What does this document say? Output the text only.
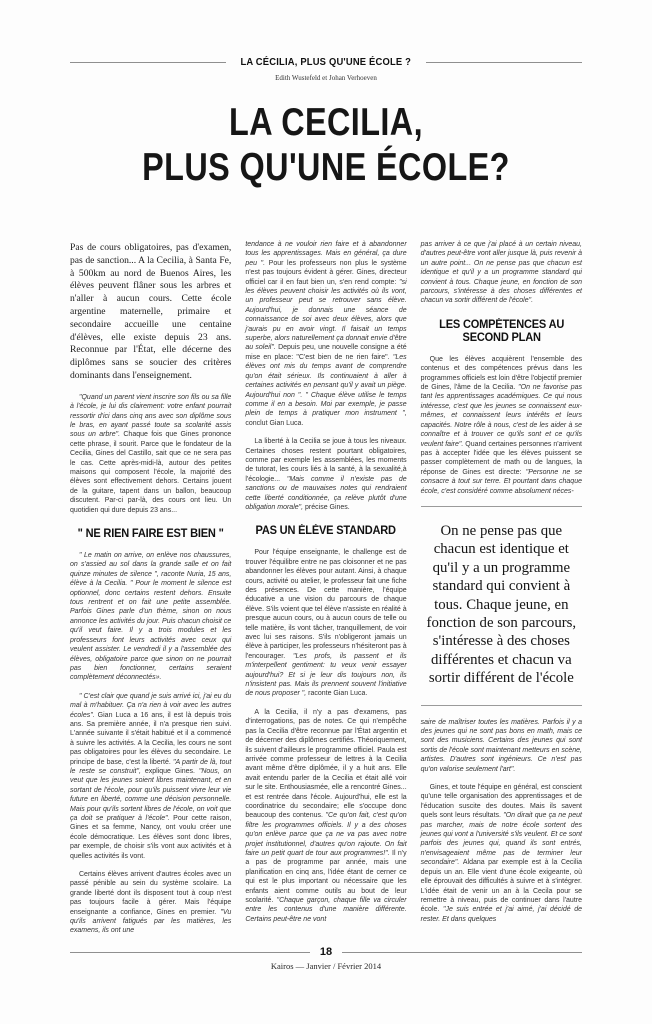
LA CÉCILIA, PLUS QU'UNE ÉCOLE ?
Edith Wustefeld et Johan Verhoeven
LA CECILIA,
PLUS QU'UNE ÉCOLE?

Pas de cours obligatoires, pas d'examen, pas de sanction... A la Cecilia, à Santa Fe, à 500km au nord de Buenos Aires, les élèves peuvent flâner sous les arbres et n'aller à aucun cours. Cette école argentine maternelle, primaire et secondaire accueille une centaine d'élèves, elle existe depuis 23 ans. Reconnue par l'État, elle décerne des diplômes sans se soucier des critères dominants dans l'enseignement.

"Quand un parent vient inscrire son fils ou sa fille à l'école, je lui dis clairement: votre enfant pourrait ressortir d'ici dans cinq ans avec son diplôme sous le bras, en ayant passé toute sa scolarité assis sous un arbre". Chaque fois que Gines prononce cette phrase, il sourit. Parce que le fondateur de la Cecilia, Gines del Castillo, sait que ce ne sera pas le cas. Cette après-midi-là, autour des petites maisons qui composent l'école, la majorité des élèves sont effectivement dehors. Certains jouent de la guitare, tapent dans un ballon, beaucoup discutent. Par-ci par-là, des cours ont lieu. Un quotidien qui dure depuis 23 ans...

" NE RIEN FAIRE EST BIEN "

" Le matin on arrive, on enlève nos chaussures, on s'assied au sol dans la grande salle et on fait quinze minutes de silence ", raconte Nuria, 15 ans, élève à la Cecilia. " Pour le moment le silence est optionnel, donc certains restent dehors. Ensuite tous rentrent et on fait une petite assemblée. Parfois Gines parle d'un thème, sinon on nous annonce les activités du jour. Puis chacun choisit ce qu'il veut faire. Il y a trois modules et les professeurs font leurs activités avec ceux qui veulent assister. Le vendredi il y a l'assemblée des élèves, obligatoire parce que sinon on ne pourrait pas bien fonctionner, certains seraient complètement déconnectés».

" C'est clair que quand je suis arrivé ici, j'ai eu du mal à m'habituer. Ça n'a rien à voir avec les autres écoles". Gian Luca a 16 ans, il est là depuis trois ans. Sa première année, il n'a presque rien suivi. L'année suivante il s'était habitué et il a commencé à suivre les activités. A la Cecilia, les cours ne sont pas obligatoires pour les élèves du secondaire. Le principe de base, c'est la liberté. "A partir de là, tout le reste se construit", explique Gines. "Nous, on veut que les jeunes soient libres maintenant, et en sortant de l'école, pour qu'ils puissent vivre leur vie future en liberté, comme une décision personnelle. Mais pour qu'ils sortent libres de l'école, on voit que ça doit se pratiquer à l'école". Pour cette raison, Gines et sa femme, Nancy, ont voulu créer une école démocratique. Les élèves sont donc libres, par exemple, de choisir s'ils vont aux activités et à quelles activités ils vont.

Certains élèves arrivent d'autres écoles avec un passé pénible au sein du système scolaire. La grande liberté dont ils disposent tout à coup n'est pas toujours facile à gérer. Mais l'équipe enseignante a confiance, Gines en premier. "Vu qu'ils arrivent fatigués par les matières, les examens, ils ont une

tendance à ne vouloir rien faire et à abandonner tous les apprentissages. Mais en général, ça dure peu ". Pour les professeurs non plus le système n'est pas toujours évident à gérer. Gines, directeur officiel car il en faut bien un, s'en rend compte: "si les élèves peuvent choisir les activités où ils vont, un professeur peut se retrouver sans élève. Aujourd'hui, je donnais une séance de connaissance de soi avec deux élèves, alors que j'aurais pu en avoir vingt. Il faisait un temps superbe, alors naturellement ça donnait envie d'être au soleil". Depuis peu, une nouvelle consigne a été mise en place: "C'est bien de ne rien faire". "Les élèves ont mis du temps avant de comprendre qu'on était sérieux. Ils continuaient à aller à certaines activités en pensant qu'il y avait un piège. Aujourd'hui non ". " Chaque élève utilise le temps comme il en a besoin. Moi par exemple, je passe plein de temps à pratiquer mon instrument ", conclut Gian Luca.

La liberté à la Cecilia se joue à tous les niveaux. Certaines choses restent pourtant obligatoires, comme par exemple les assemblées, les moments de tutorat, les cours liés à la santé, à la sexualité,à l'écologie... "Mais comme il n'existe pas de sanctions ou de mauvaises notes qui rendraient cette liberté conditionnée, ça relève plutôt d'une obligation morale", précise Gines.

PAS UN ÉLÈVE STANDARD

Pour l'équipe enseignante, le challenge est de trouver l'équilibre entre ne pas cloisonner et ne pas abandonner les élèves pour autant. Ainsi, à chaque cours, activité ou atelier, le professeur fait une fiche des présences. De cette manière, l'équipe éducative a une vision du parcours de chaque élève. S'ils voient que tel élève n'assiste en réalité à presque aucun cours, ou à aucun cours de telle ou telle matière, ils vont tâcher, tranquillement, de voir avec lui ses raisons. S'ils n'obligeront jamais un élève à participer, les professeurs n'hésiteront pas à l'encourager. "Les profs, ils passent et ils m'interpellent gentiment: tu veux venir essayer aujourd'hui? Et si je leur dis toujours non, ils n'insistent pas. Mais ils prennent souvent l'initiative de nous proposer ", raconte Gian Luca.

A la Cecilia, il n'y a pas d'examens, pas d'interrogations, pas de notes. Ce qui n'empêche pas la Cecilia d'être reconnue par l'État argentin et de décerner des diplômes certifiés. Théoriquement, ils suivent d'ailleurs le programme officiel. Paula est arrivée comme professeur de lettres à la Cecilia avant même d'être diplômée, il y a huit ans. Elle avait entendu parler de la Cecilia et était allé voir sur le site. Enthousiasmée, elle a rencontré Gines... et est rentrée dans l'école. Aujourd'hui, elle est la coordinatrice du secondaire; elle s'occupe donc beaucoup des contenus. "Ce qu'on fait, c'est qu'on filtre les programmes officiels. Il y a des choses qu'on enlève parce que ça ne va pas avec notre projet institutionnel, d'autres qu'on rajoute. On fait faire un petit quart de tour aux programmes!". Il n'y a pas de programme par année, mais une planification en cinq ans, l'idée étant de cerner ce qui est le plus important ou nécessaire que les enfants aient comme outils au bout de leur scolarité. "Chaque garçon, chaque fille va circuler entre les contenus d'une manière différente. Certains peut-être ne vont

pas arriver à ce que j'ai placé à un certain niveau, d'autres peut-être vont aller jusque là, puis revenir à un autre point... On ne pense pas que chacun est identique et qu'il y a un programme standard qui convient à tous. Chaque jeune, en fonction de son parcours, s'intéresse à des choses différentes et chacun va sortir différent de l'école".

LES COMPÉTENCES AU SECOND PLAN

Que les élèves acquièrent l'ensemble des contenus et des compétences prévus dans les programmes officiels est loin d'être l'objectif premier de Gines, l'âme de la Cecilia. "On ne favorise pas tant les apprentissages académiques. Ce qui nous intéresse, c'est que les jeunes se connaissent eux-mêmes, et connaissent leurs intérêts et leurs capacités. Notre rôle à nous, c'est de les aider à se connaître et à trouver ce qu'ils sont et ce qu'ils veulent faire". Quand certaines personnes n'arrivent pas à accepter l'idée que les élèves puissent se passer complètement de math ou de langues, la réponse de Gines est directe: "Personne ne se consacre à tout sur terre. Et pourtant dans chaque école, c'est considéré comme absolument néces-

On ne pense pas que chacun est identique et qu'il y a un programme standard qui convient à tous. Chaque jeune, en fonction de son parcours, s'intéresse à des choses différentes et chacun va sortir différent de l'école

saire de maîtriser toutes les matières. Parfois il y a des jeunes qui ne sont pas bons en math, mais ce sont des musiciens. Certains des jeunes qui sont sortis de l'école sont maintenant metteurs en scène, artistes. D'autres sont ingénieurs. Ce n'est pas qu'on valorise seulement l'art".

Gines, et toute l'équipe en général, est conscient qu'une telle organisation des apprentissages et de l'éducation suscite des doutes. Mais ils savent quels sont leurs résultats. "On dirait que ça ne peut pas marcher, mais de notre école sortent des jeunes qui vont a l'université s'ils veulent. Et ce sont parfois des jeunes qui, quand ils sont entrés, n'envisageaient même pas de terminer leur secondaire". Aldana par exemple est à la Cecilia depuis un an. Elle vient d'une école exigeante, où elle éprouvait des difficultés à suivre et à s'intégrer. L'idée était de venir un an à la Cecila pour se remettre à niveau, puis de continuer dans l'autre école. "Je suis entrée et j'ai aimé, j'ai décidé de rester. Et dans quelques

18
Kairos — Janvier / Février 2014
